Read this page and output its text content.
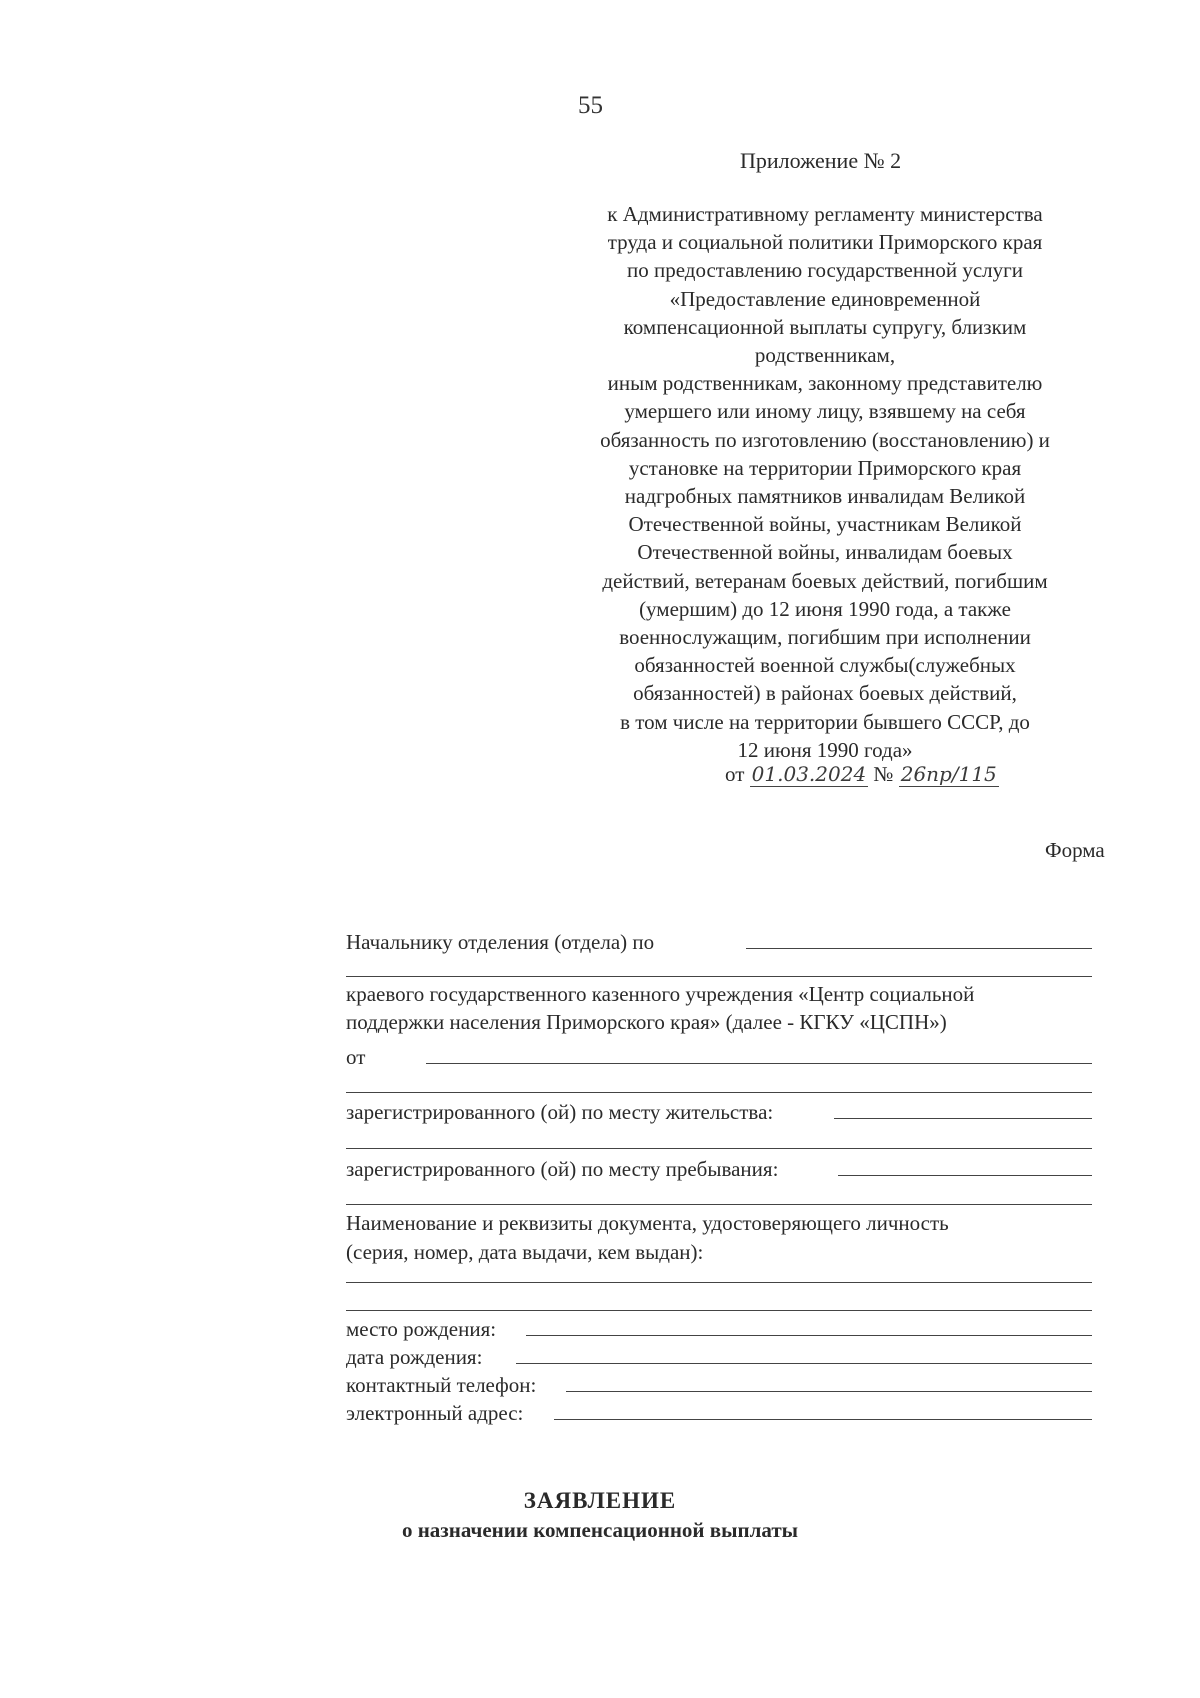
55
Приложение № 2
к Административному регламенту министерства
труда и социальной политики Приморского края
по предоставлению государственной услуги
«Предоставление единовременной
компенсационной выплаты супругу, близким
родственникам,
иным родственникам, законному представителю
умершего или иному лицу, взявшему на себя
обязанность по изготовлению (восстановлению) и
установке на территории Приморского края
надгробных памятников инвалидам Великой
Отечественной войны, участникам Великой
Отечественной войны, инвалидам боевых
действий, ветеранам боевых действий, погибшим
(умершим) до 12 июня 1990 года, а также
военнослужащим, погибшим при исполнении
обязанностей военной службы(служебных
обязанностей) в районах боевых действий,
в том числе на территории бывшего СССР, до
12 июня 1990 года»
от 01.03.2024 № 26пр/115
Форма
Начальнику отделения (отдела) по
краевого государственного казенного учреждения «Центр социальной
поддержки населения Приморского края» (далее - КГКУ «ЦСПН»)
от
зарегистрированного (ой) по месту жительства:
зарегистрированного (ой) по месту пребывания:
Наименование и реквизиты документа, удостоверяющего личность
(серия, номер, дата выдачи, кем выдан):
место рождения:
дата рождения:
контактный телефон:
электронный адрес:
ЗАЯВЛЕНИЕ
о назначении компенсационной выплаты
